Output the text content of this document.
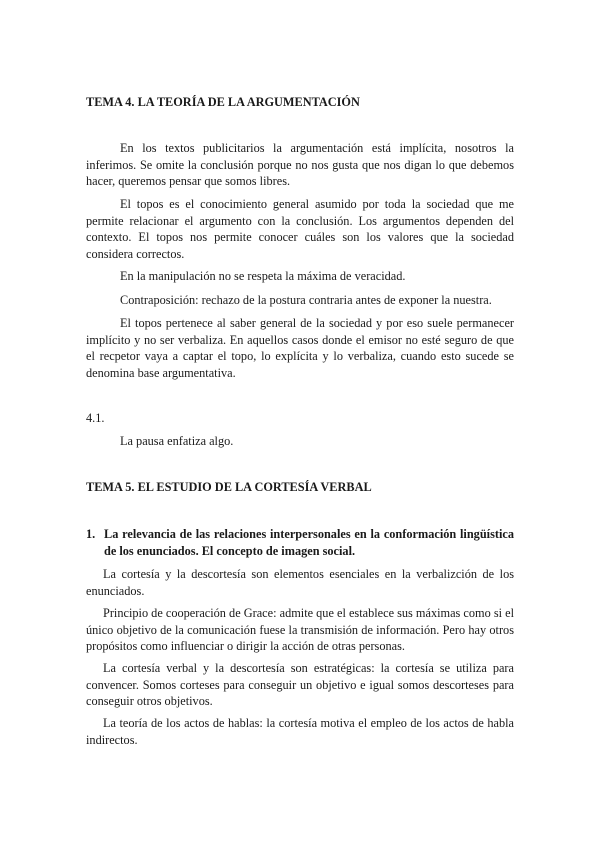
TEMA 4. LA TEORÍA DE LA ARGUMENTACIÓN

En los textos publicitarios la argumentación está implícita, nosotros la inferimos. Se omite la conclusión porque no nos gusta que nos digan lo que debemos hacer, queremos pensar que somos libres.

El topos es el conocimiento general asumido por toda la sociedad que me permite relacionar el argumento con la conclusión. Los argumentos dependen del contexto. El topos nos permite conocer cuáles son los valores que la sociedad considera correctos.

En la manipulación no se respeta la máxima de veracidad.

Contraposición: rechazo de la postura contraria antes de exponer la nuestra.

El topos pertenece al saber general de la sociedad y por eso suele permanecer implícito y no ser verbaliza. En aquellos casos donde el emisor no esté seguro de que el recpetor vaya a captar el topo, lo explícita y lo verbaliza, cuando esto sucede se denomina base argumentativa.

4.1.

La pausa enfatiza algo.

TEMA 5. EL ESTUDIO DE LA CORTESÍA VERBAL
1. La relevancia de las relaciones interpersonales en la conformación lingüística de los enunciados. El concepto de imagen social.

La cortesía y la descortesía son elementos esenciales en la verbalizción de los enunciados.

Principio de cooperación de Grace: admite que el establece sus máximas como si el único objetivo de la comunicación fuese la transmisión de información. Pero hay otros propósitos como influenciar o dirigir la acción de otras personas.

La cortesía verbal y la descortesía son estratégicas: la cortesía se utiliza para convencer. Somos corteses para conseguir un objetivo e igual somos descorteses para conseguir otros objetivos.

La teoría de los actos de hablas: la cortesía motiva el empleo de los actos de habla indirectos.
